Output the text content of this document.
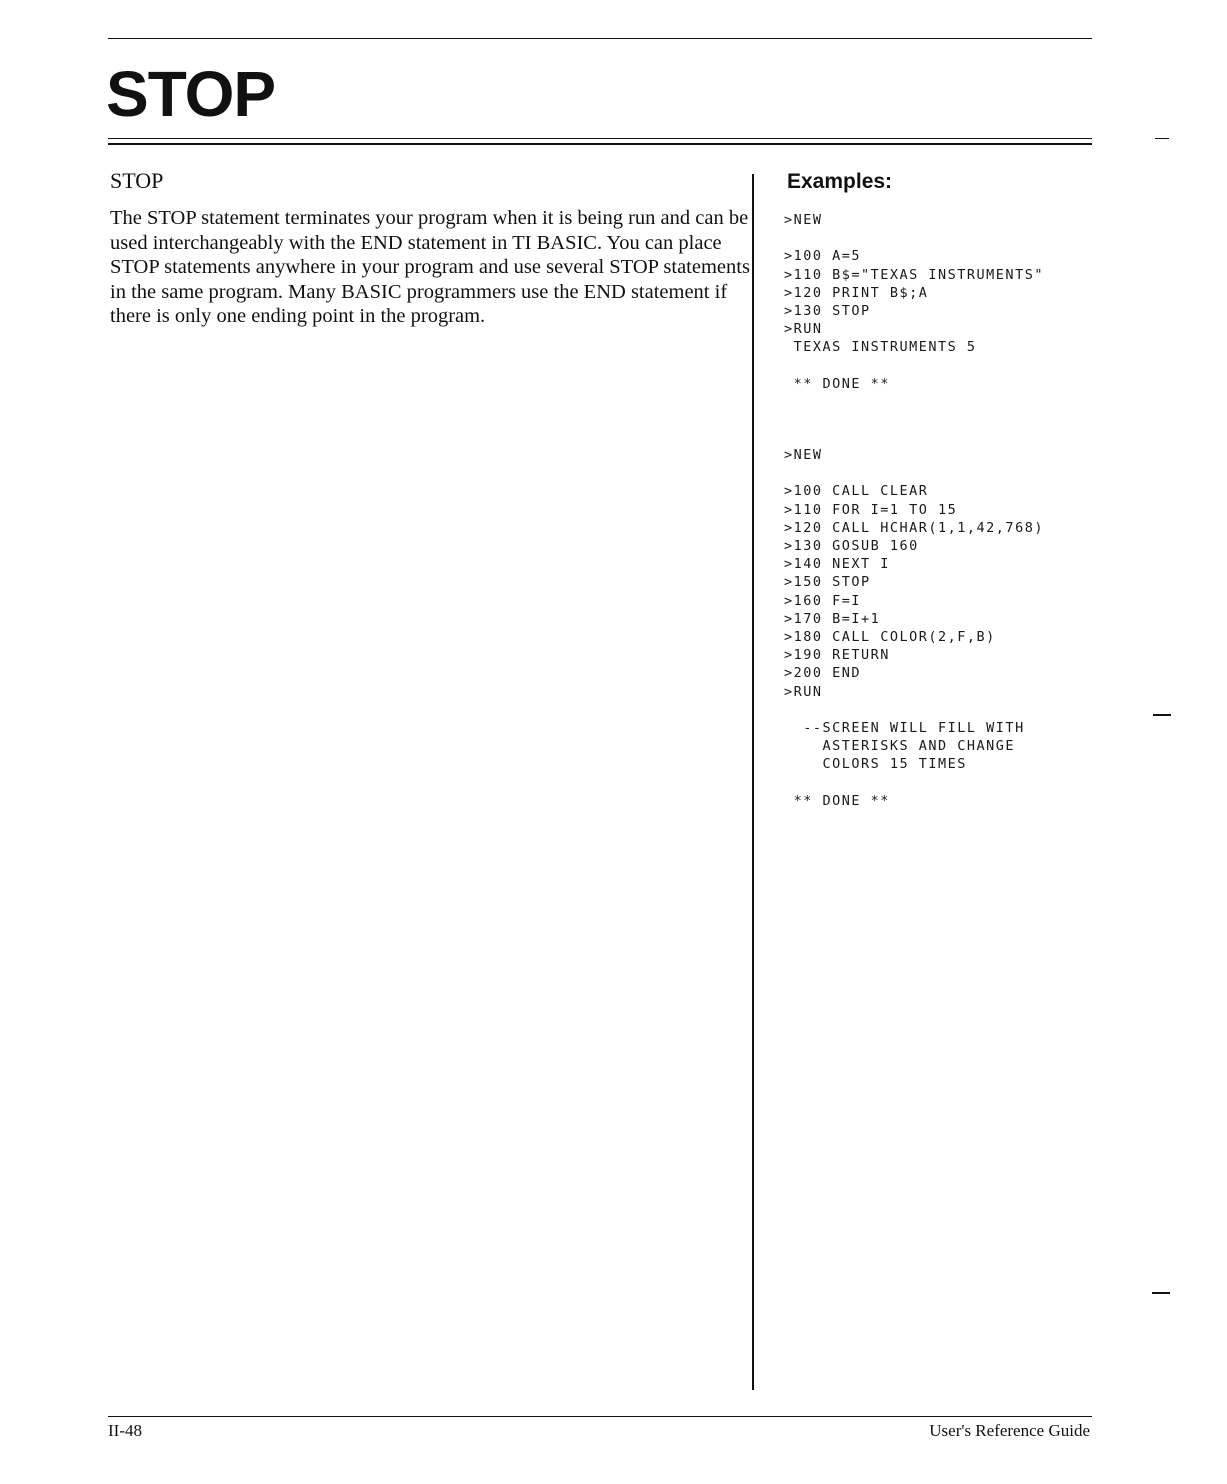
STOP
STOP

The STOP statement terminates your program when it is being run and can be used interchangeably with the END statement in TI BASIC. You can place STOP statements anywhere in your program and use several STOP statements in the same program. Many BASIC programmers use the END statement if there is only one ending point in the program.

Examples:
>NEW

>100 A=5
>110 B$="TEXAS INSTRUMENTS"
>120 PRINT B$;A
>130 STOP
>RUN
TEXAS INSTRUMENTS 5

** DONE **
>NEW

>100 CALL CLEAR
>110 FOR I=1 TO 15
>120 CALL HCHAR(1,1,42,768)
>130 GOSUB 160
>140 NEXT I
>150 STOP
>160 F=I
>170 B=I+1
>180 CALL COLOR(2,F,B)
>190 RETURN
>200 END
>RUN

--SCREEN WILL FILL WITH
ASTERISKS AND CHANGE
COLORS 15 TIMES

** DONE **
II-48	User's Reference Guide
